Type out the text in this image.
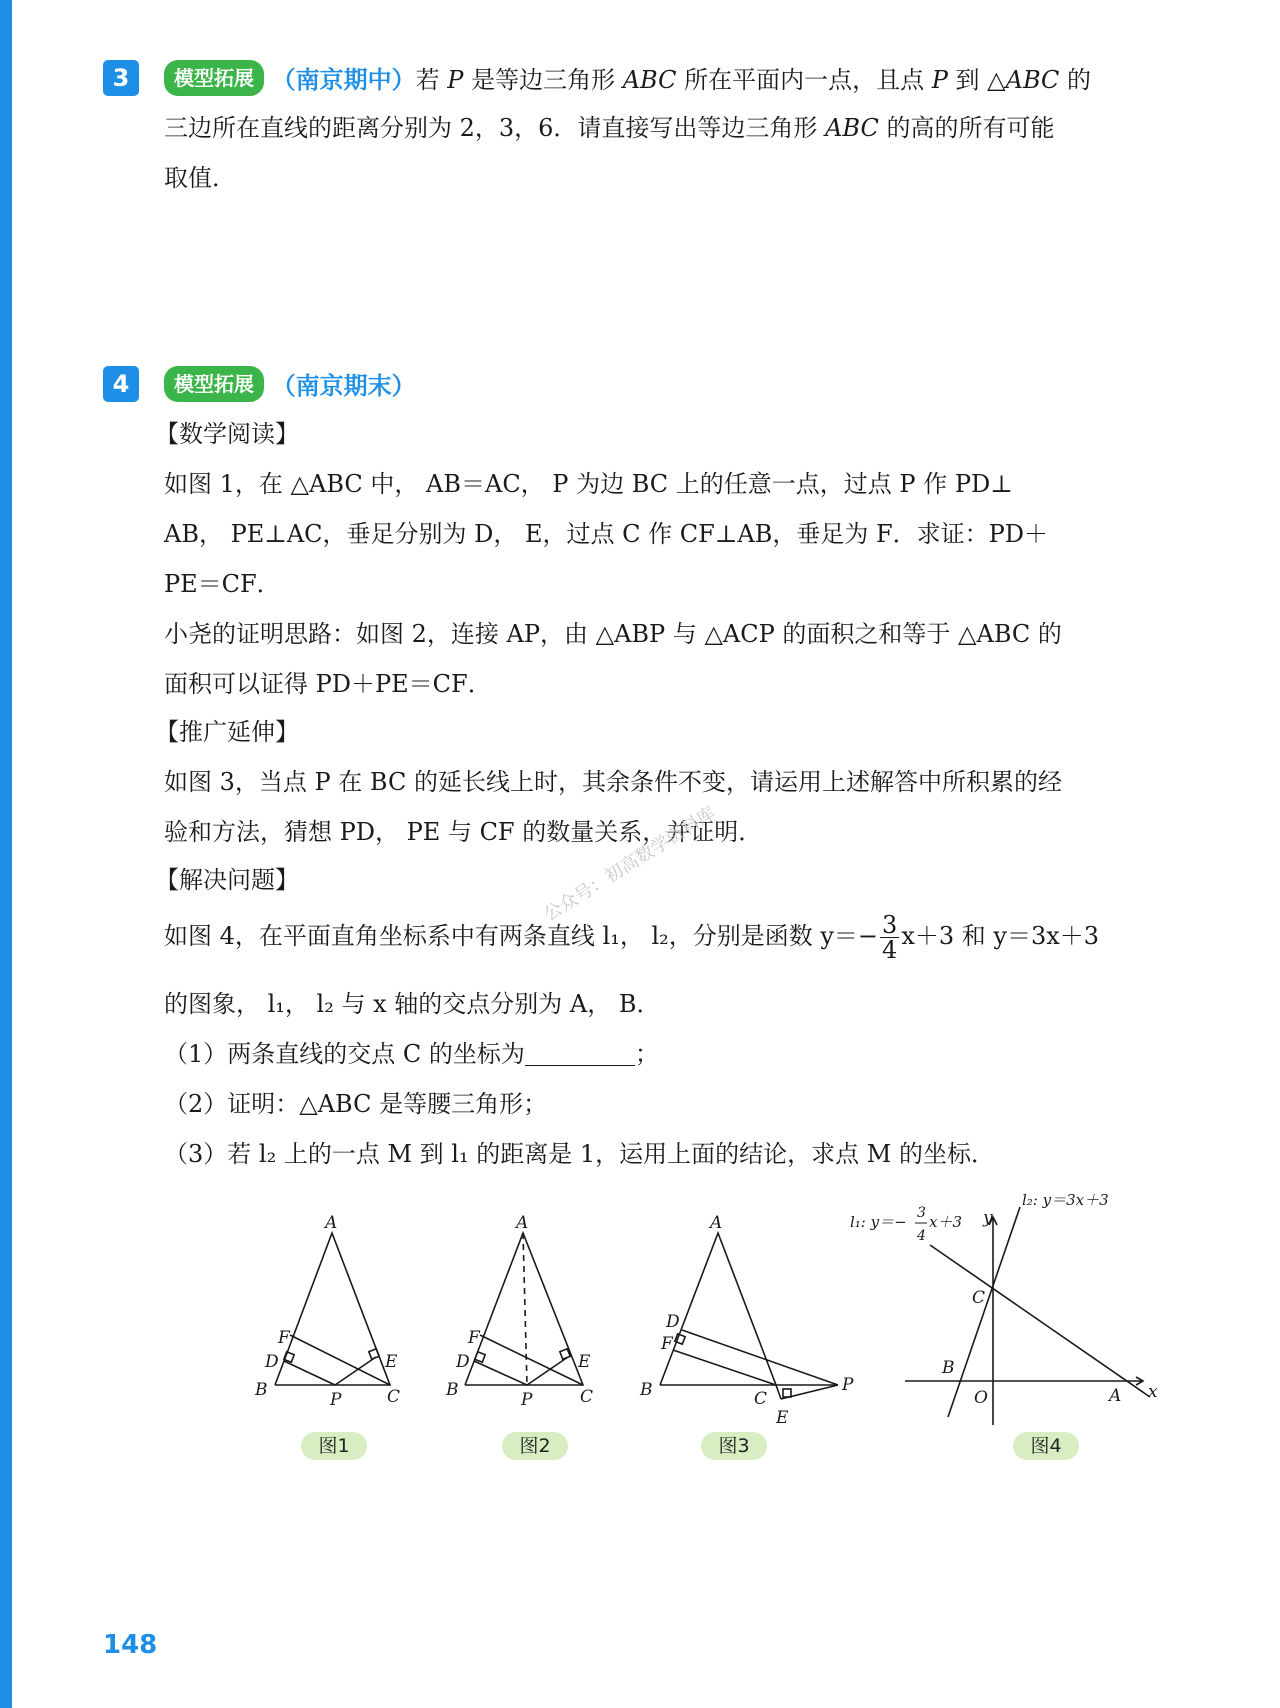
3	模型拓展 （南京期中）若 P 是等边三角形 ABC 所在平面内一点，且点 P 到 △ABC 的
三边所在直线的距离分别为 2，3，6．请直接写出等边三角形 ABC 的高的所有可能
取值．
4	模型拓展 （南京期末）
【数学阅读】
如图 1，在 △ABC 中， AB＝AC， P 为边 BC 上的任意一点，过点 P 作 PD⊥
AB， PE⊥AC，垂足分别为 D， E，过点 C 作 CF⊥AB，垂足为 F．求证：PD＋
PE＝CF．
小尧的证明思路：如图 2，连接 AP，由 △ABP 与 △ACP 的面积之和等于 △ABC 的
面积可以证得 PD＋PE＝CF．
【推广延伸】
如图 3，当点 P 在 BC 的延长线上时，其余条件不变，请运用上述解答中所积累的经
验和方法，猜想 PD， PE 与 CF 的数量关系，并证明．
【解决问题】
如图 4，在平面直角坐标系中有两条直线 l₁， l₂，分别是函数 $y=- \frac{3}{4} x+3$ 和 y＝3x＋3
的图象， l₁， l₂ 与 x 轴的交点分别为 A， B．
（1）两条直线的交点 C 的坐标为	；
（2）证明：△ABC 是等腰三角形；
（3）若 l₂ 上的一点 M 到 l₁ 的距离是 1，运用上面的结论，求点 M 的坐标．
A
B	C
D	E
F
P
A
B	C
D	E
F
P
A
B	C
D
E
F
P
C
B
O	A x
y
l₂: y＝3x＋3
l₁: y＝− 3
4
x＋3
图1	图2	图3	图4
公众号：初高数学资料库
148
